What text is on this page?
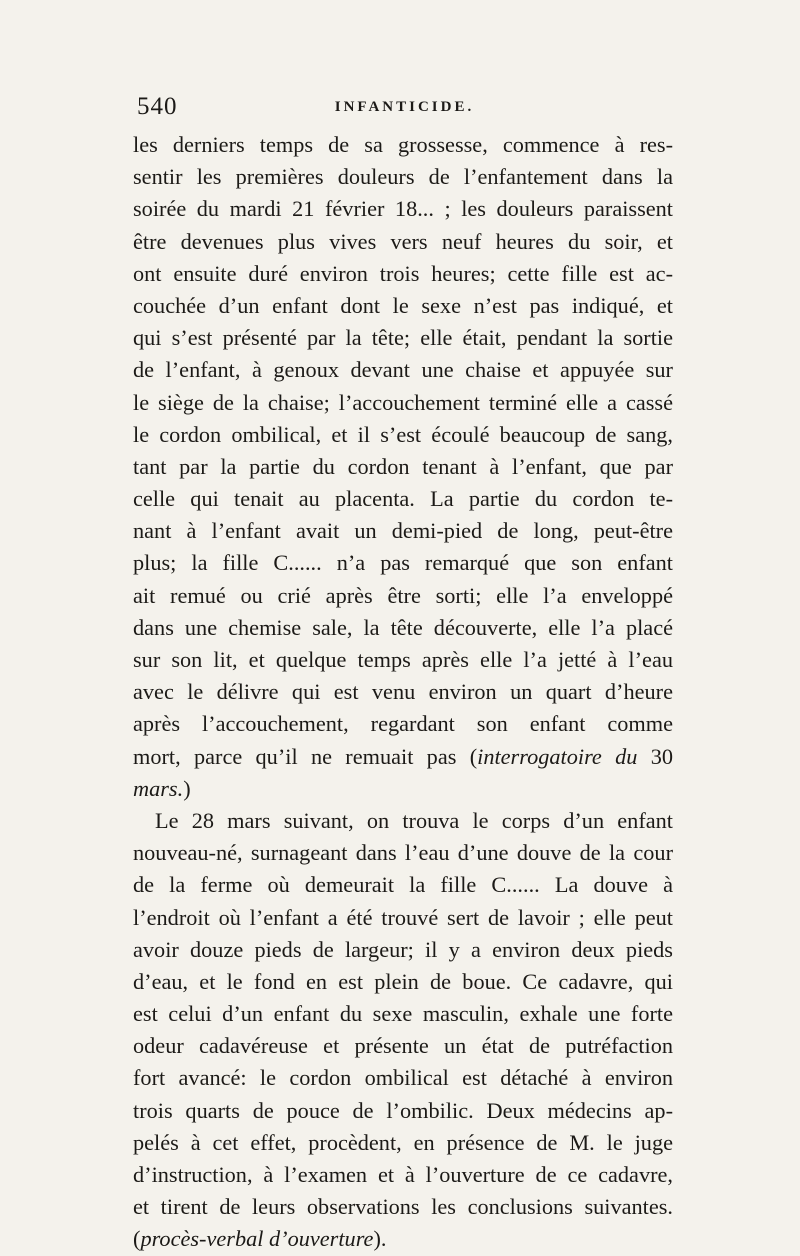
540	INFANTICIDE.
les derniers temps de sa grossesse, commence à res-
sentir les premières douleurs de l’enfantement dans la
soirée du mardi 21 février 18... ; les douleurs paraissent
être devenues plus vives vers neuf heures du soir, et
ont ensuite duré environ trois heures; cette fille est ac-
couchée d’un enfant dont le sexe n’est pas indiqué, et
qui s’est présenté par la tête; elle était, pendant la sortie
de l’enfant, à genoux devant une chaise et appuyée sur
le siège de la chaise; l’accouchement terminé elle a cassé
le cordon ombilical, et il s’est écoulé beaucoup de sang,
tant par la partie du cordon tenant à l’enfant, que par
celle qui tenait au placenta. La partie du cordon te-
nant à l’enfant avait un demi-pied de long, peut-être
plus; la fille C...... n’a pas remarqué que son enfant
ait remué ou crié après être sorti; elle l’a enveloppé
dans une chemise sale, la tête découverte, elle l’a placé
sur son lit, et quelque temps après elle l’a jetté à l’eau
avec le délivre qui est venu environ un quart d’heure
après l’accouchement, regardant son enfant comme
mort, parce qu’il ne remuait pas (interrogatoire du 30
mars.)
Le 28 mars suivant, on trouva le corps d’un enfant
nouveau-né, surnageant dans l’eau d’une douve de la cour
de la ferme où demeurait la fille C...... La douve à
l’endroit où l’enfant a été trouvé sert de lavoir ; elle peut
avoir douze pieds de largeur; il y a environ deux pieds
d’eau, et le fond en est plein de boue. Ce cadavre, qui
est celui d’un enfant du sexe masculin, exhale une forte
odeur cadavéreuse et présente un état de putréfaction
fort avancé: le cordon ombilical est détaché à environ
trois quarts de pouce de l’ombilic. Deux médecins ap-
pelés à cet effet, procèdent, en présence de M. le juge
d’instruction, à l’examen et à l’ouverture de ce cadavre,
et tirent de leurs observations les conclusions suivantes.
(procès-verbal d’ouverture).
